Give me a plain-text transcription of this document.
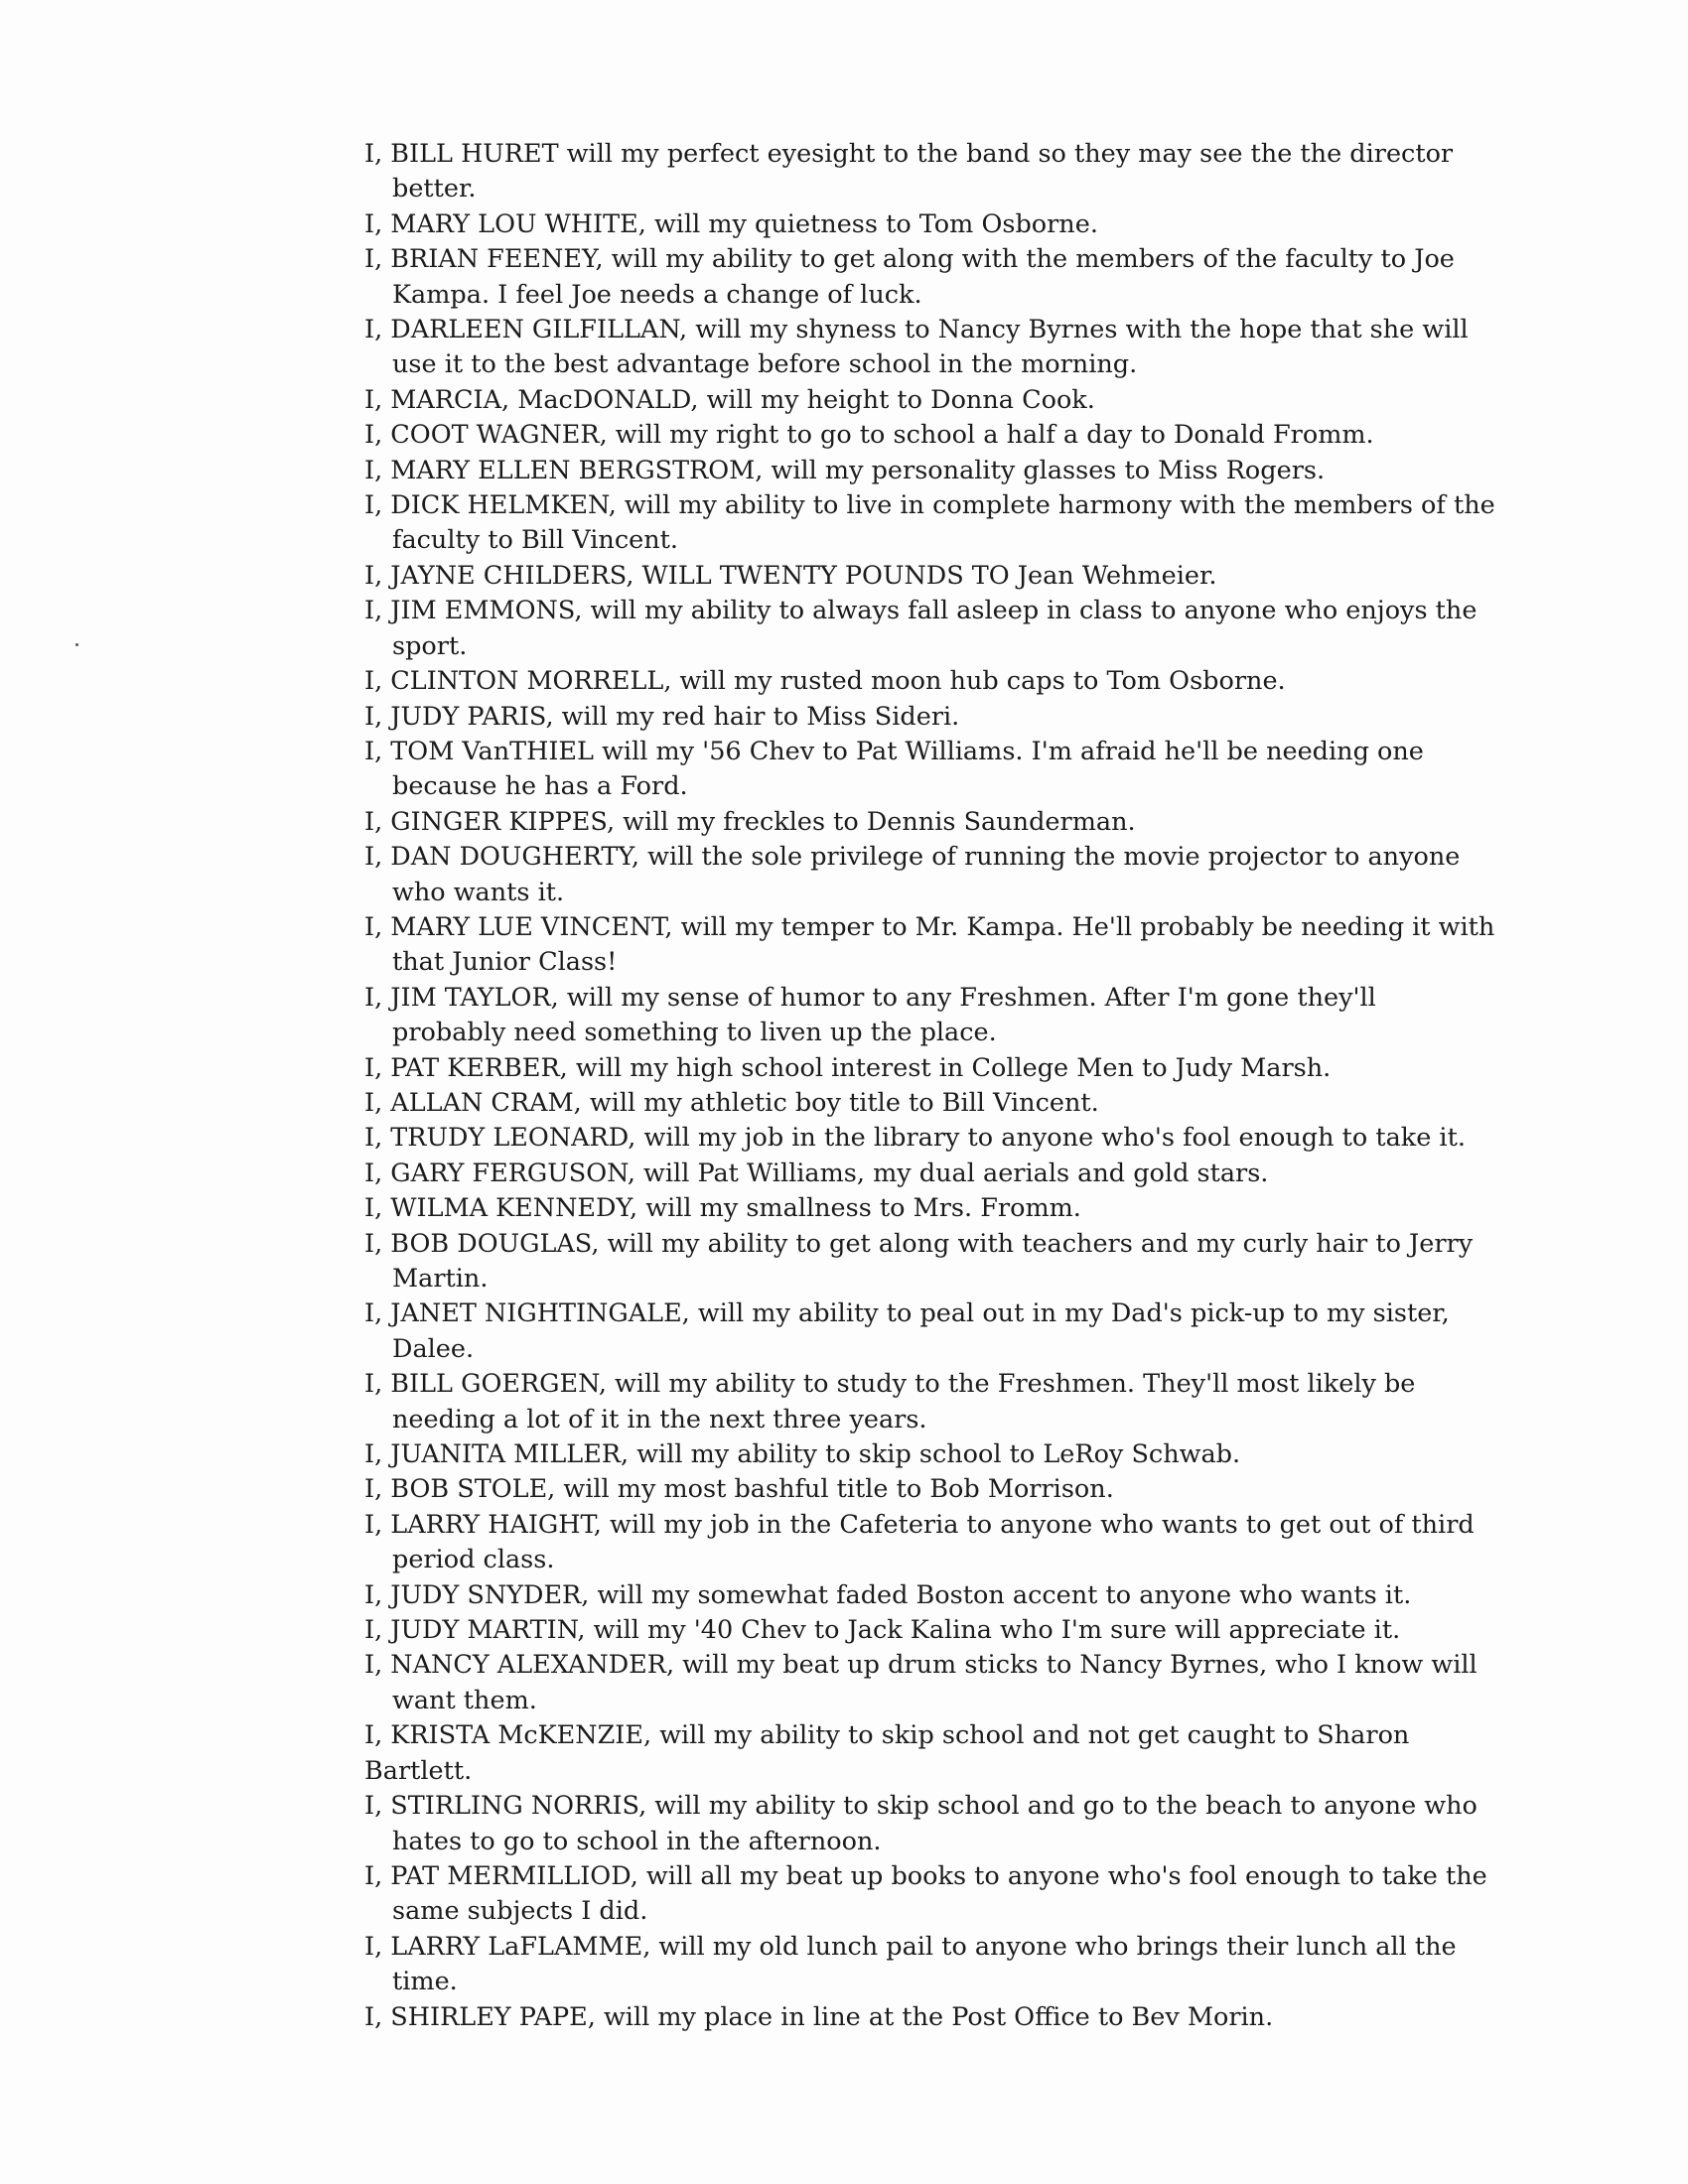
I, BILL HURET will my perfect eyesight to the band so they may see the the director better.
I, MARY LOU WHITE, will my quietness to Tom Osborne.
I, BRIAN FEENEY, will my ability to get along with the members of the faculty to Joe Kampa. I feel Joe needs a change of luck.
I, DARLEEN GILFILLAN, will my shyness to Nancy Byrnes with the hope that she will use it to the best advantage before school in the morning.
I, MARCIA, MacDONALD, will my height to Donna Cook.
I, COOT WAGNER, will my right to go to school a half a day to Donald Fromm.
I, MARY ELLEN BERGSTROM, will my personality glasses to Miss Rogers.
I, DICK HELMKEN, will my ability to live in complete harmony with the members of the faculty to Bill Vincent.
I, JAYNE CHILDERS, WILL TWENTY POUNDS TO Jean Wehmeier.
I, JIM EMMONS, will my ability to always fall asleep in class to anyone who enjoys the sport.
I, CLINTON MORRELL, will my rusted moon hub caps to Tom Osborne.
I, JUDY PARIS, will my red hair to Miss Sideri.
I, TOM VanTHIEL will my '56 Chev to Pat Williams. I'm afraid he'll be needing one because he has a Ford.
I, GINGER KIPPES, will my freckles to Dennis Saunderman.
I, DAN DOUGHERTY, will the sole privilege of running the movie projector to anyone who wants it.
I, MARY LUE VINCENT, will my temper to Mr. Kampa. He'll probably be needing it with that Junior Class!
I, JIM TAYLOR, will my sense of humor to any Freshmen. After I'm gone they'll probably need something to liven up the place.
I, PAT KERBER, will my high school interest in College Men to Judy Marsh.
I, ALLAN CRAM, will my athletic boy title to Bill Vincent.
I, TRUDY LEONARD, will my job in the library to anyone who's fool enough to take it.
I, GARY FERGUSON, will Pat Williams, my dual aerials and gold stars.
I, WILMA KENNEDY, will my smallness to Mrs. Fromm.
I, BOB DOUGLAS, will my ability to get along with teachers and my curly hair to Jerry Martin.
I, JANET NIGHTINGALE, will my ability to peal out in my Dad's pick-up to my sister, Dalee.
I, BILL GOERGEN, will my ability to study to the Freshmen. They'll most likely be needing a lot of it in the next three years.
I, JUANITA MILLER, will my ability to skip school to LeRoy Schwab.
I, BOB STOLE, will my most bashful title to Bob Morrison.
I, LARRY HAIGHT, will my job in the Cafeteria to anyone who wants to get out of third period class.
I, JUDY SNYDER, will my somewhat faded Boston accent to anyone who wants it.
I, JUDY MARTIN, will my '40 Chev to Jack Kalina who I'm sure will appreciate it.
I, NANCY ALEXANDER, will my beat up drum sticks to Nancy Byrnes, who I know will want them.
I, KRISTA McKENZIE, will my ability to skip school and not get caught to Sharon Bartlett.
I, STIRLING NORRIS, will my ability to skip school and go to the beach to anyone who hates to go to school in the afternoon.
I, PAT MERMILLIOD, will all my beat up books to anyone who's fool enough to take the same subjects I did.
I, LARRY LaFLAMME, will my old lunch pail to anyone who brings their lunch all the time.
I, SHIRLEY PAPE, will my place in line at the Post Office to Bev Morin.
